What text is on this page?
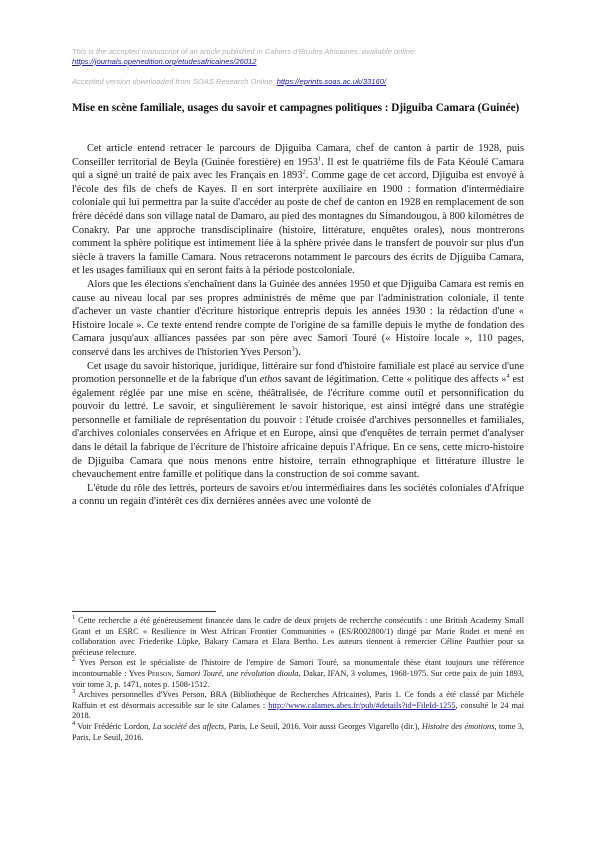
This is the accepted manuscript of an article published in Cahiers d'Etudes Africaines, available online:
https://journals.openedition.org/etudesafricaines/26012
Accepted version downloaded from SOAS Research Online: https://eprints.soas.ac.uk/33160/
Mise en scène familiale, usages du savoir et campagnes politiques : Djiguiba Camara (Guinée)

Cet article entend retracer le parcours de Djiguiba Camara, chef de canton à partir de 1928, puis Conseiller territorial de Beyla (Guinée forestière) en 1953$^1$. Il est le quatrième fils de Fata Kéoulé Camara qui a signé un traité de paix avec les Français en 1893$^2$. Comme gage de cet accord, Djiguiba est envoyé à l'école des fils de chefs de Kayes. Il en sort interprète auxiliaire en 1900 : formation d'intermédiaire coloniale qui lui permettra par la suite d'accéder au poste de chef de canton en 1928 en remplacement de son frère décédé dans son village natal de Damaro, au pied des montagnes du Simandougou, à 800 kilomètres de Conakry. Par une approche transdisciplinaire (histoire, littérature, enquêtes orales), nous montrerons comment la sphère politique est intimement liée à la sphère privée dans le transfert de pouvoir sur plus d'un siècle à travers la famille Camara. Nous retracerons notamment le parcours des écrits de Djiguiba Camara, et les usages familiaux qui en seront faits à la période postcoloniale.

Alors que les élections s'enchaînent dans la Guinée des années 1950 et que Djiguiba Camara est remis en cause au niveau local par ses propres administrés de même que par l'administration coloniale, il tente d'achever un vaste chantier d'écriture historique entrepris depuis les années 1930 : la rédaction d'une « Histoire locale ». Ce texte entend rendre compte de l'origine de sa famille depuis le mythe de fondation des Camara jusqu'aux alliances passées par son père avec Samori Touré (« Histoire locale », 110 pages, conservé dans les archives de l'historien Yves Person$^3$).

Cet usage du savoir historique, juridique, littéraire sur fond d'histoire familiale est placé au service d'une promotion personnelle et de la fabrique d'un ethos savant de légitimation. Cette « politique des affects »$^4$ est également réglée par une mise en scène, théâtralisée, de l'écriture comme outil et personnification du pouvoir du lettré. Le savoir, et singulièrement le savoir historique, est ainsi intégré dans une stratégie personnelle et familiale de représentation du pouvoir : l'étude croisée d'archives personnelles et familiales, d'archives coloniales conservées en Afrique et en Europe, ainsi que d'enquêtes de terrain permet d'analyser dans le détail la fabrique de l'écriture de l'histoire africaine depuis l'Afrique. En ce sens, cette micro-histoire de Djiguiba Camara que nous menons entre histoire, terrain ethnographique et littérature illustre le chevauchement entre famille et politique dans la construction de soi comme savant.

L'étude du rôle des lettrés, porteurs de savoirs et/ou intermédiaires dans les sociétés coloniales d'Afrique a connu un regain d'intérêt ces dix dernières années avec une volonté de

$^1$ Cette recherche a été généreusement financée dans le cadre de deux projets de recherche consécutifs : une British Academy Small Grant et un ESRC « Resilience in West African Frontier Communities » (ES/R002800/1) dirigé par Marie Rodet et mené en collaboration avec Friederike Lüpke, Bakary Camara et Elara Bertho. Les auteurs tiennent à remercier Céline Pauthier pour sa précieuse relecture.

$^2$ Yves Person est le spécialiste de l'histoire de l'empire de Samori Touré, sa monumentale thèse étant toujours une référence incontournable : Yves Person, Samori Touré, une révolution dioula, Dakar, IFAN, 3 volumes, 1968-1975. Sur cette paix de juin 1893, voir tome 3, p. 1471, notes p. 1508-1512.

$^3$ Archives personnelles d'Yves Person, BRA (Bibliothèque de Recherches Africaines), Paris 1. Ce fonds a été classé par Michèle Raffuin et est désormais accessible sur le site Calames : http://www.calames.abes.fr/pub/#details?id=FileId-1255, consulté le 24 mai 2018.

$^4$ Voir Frédéric Lordon, La société des affects, Paris, Le Seuil, 2016. Voir aussi Georges Vigarello (dir.), Histoire des émotions, tome 3, Paris, Le Seuil, 2016.
